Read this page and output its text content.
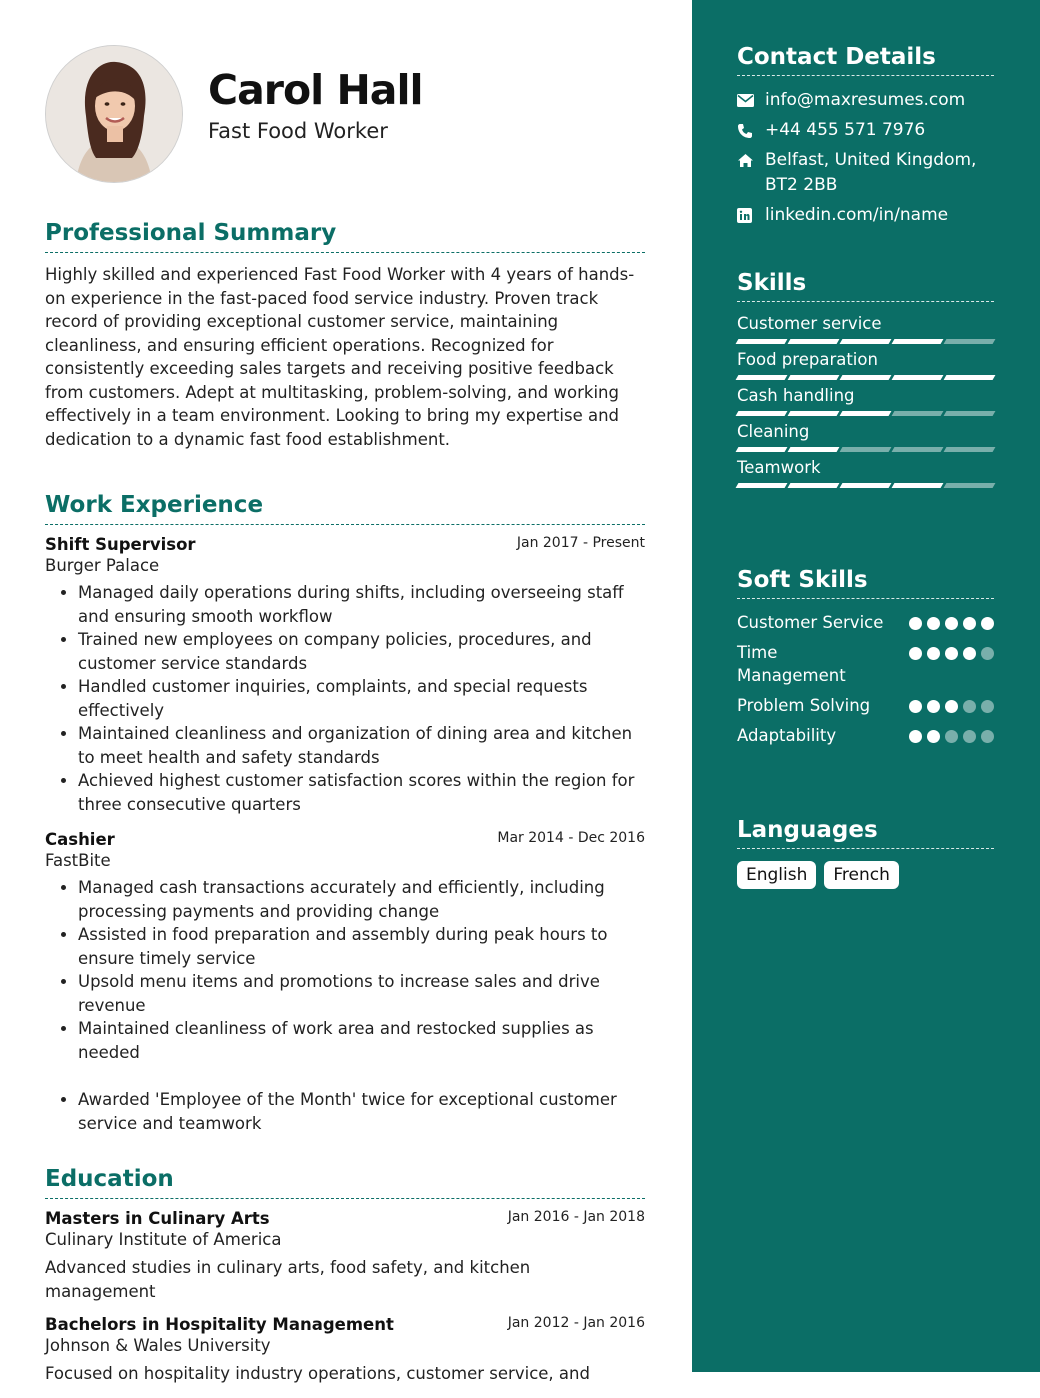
Carol Hall
Fast Food Worker
Professional Summary
Highly skilled and experienced Fast Food Worker with 4 years of hands-on experience in the fast-paced food service industry. Proven track record of providing exceptional customer service, maintaining cleanliness, and ensuring efficient operations. Recognized for consistently exceeding sales targets and receiving positive feedback from customers. Adept at multitasking, problem-solving, and working effectively in a team environment. Looking to bring my expertise and dedication to a dynamic fast food establishment.
Work Experience
Shift Supervisor	Jan 2017 - Present
Burger Palace
• Managed daily operations during shifts, including overseeing staff and ensuring smooth workflow
• Trained new employees on company policies, procedures, and customer service standards
• Handled customer inquiries, complaints, and special requests effectively
• Maintained cleanliness and organization of dining area and kitchen to meet health and safety standards
• Achieved highest customer satisfaction scores within the region for three consecutive quarters
Cashier	Mar 2014 - Dec 2016
FastBite
• Managed cash transactions accurately and efficiently, including processing payments and providing change
• Assisted in food preparation and assembly during peak hours to ensure timely service
• Upsold menu items and promotions to increase sales and drive revenue
• Maintained cleanliness of work area and restocked supplies as needed
• Awarded 'Employee of the Month' twice for exceptional customer service and teamwork
Education
Masters in Culinary Arts	Jan 2016 - Jan 2018
Culinary Institute of America
Advanced studies in culinary arts, food safety, and kitchen management
Bachelors in Hospitality Management	Jan 2012 - Jan 2016
Johnson & Wales University
Focused on hospitality industry operations, customer service, and
Contact Details
info@maxresumes.com
+44 455 571 7976
Belfast, United Kingdom, BT2 2BB
linkedin.com/in/name
Skills
Customer service
Food preparation
Cash handling
Cleaning
Teamwork
Soft Skills
Customer Service
Time Management
Problem Solving
Adaptability
Languages
English	French
